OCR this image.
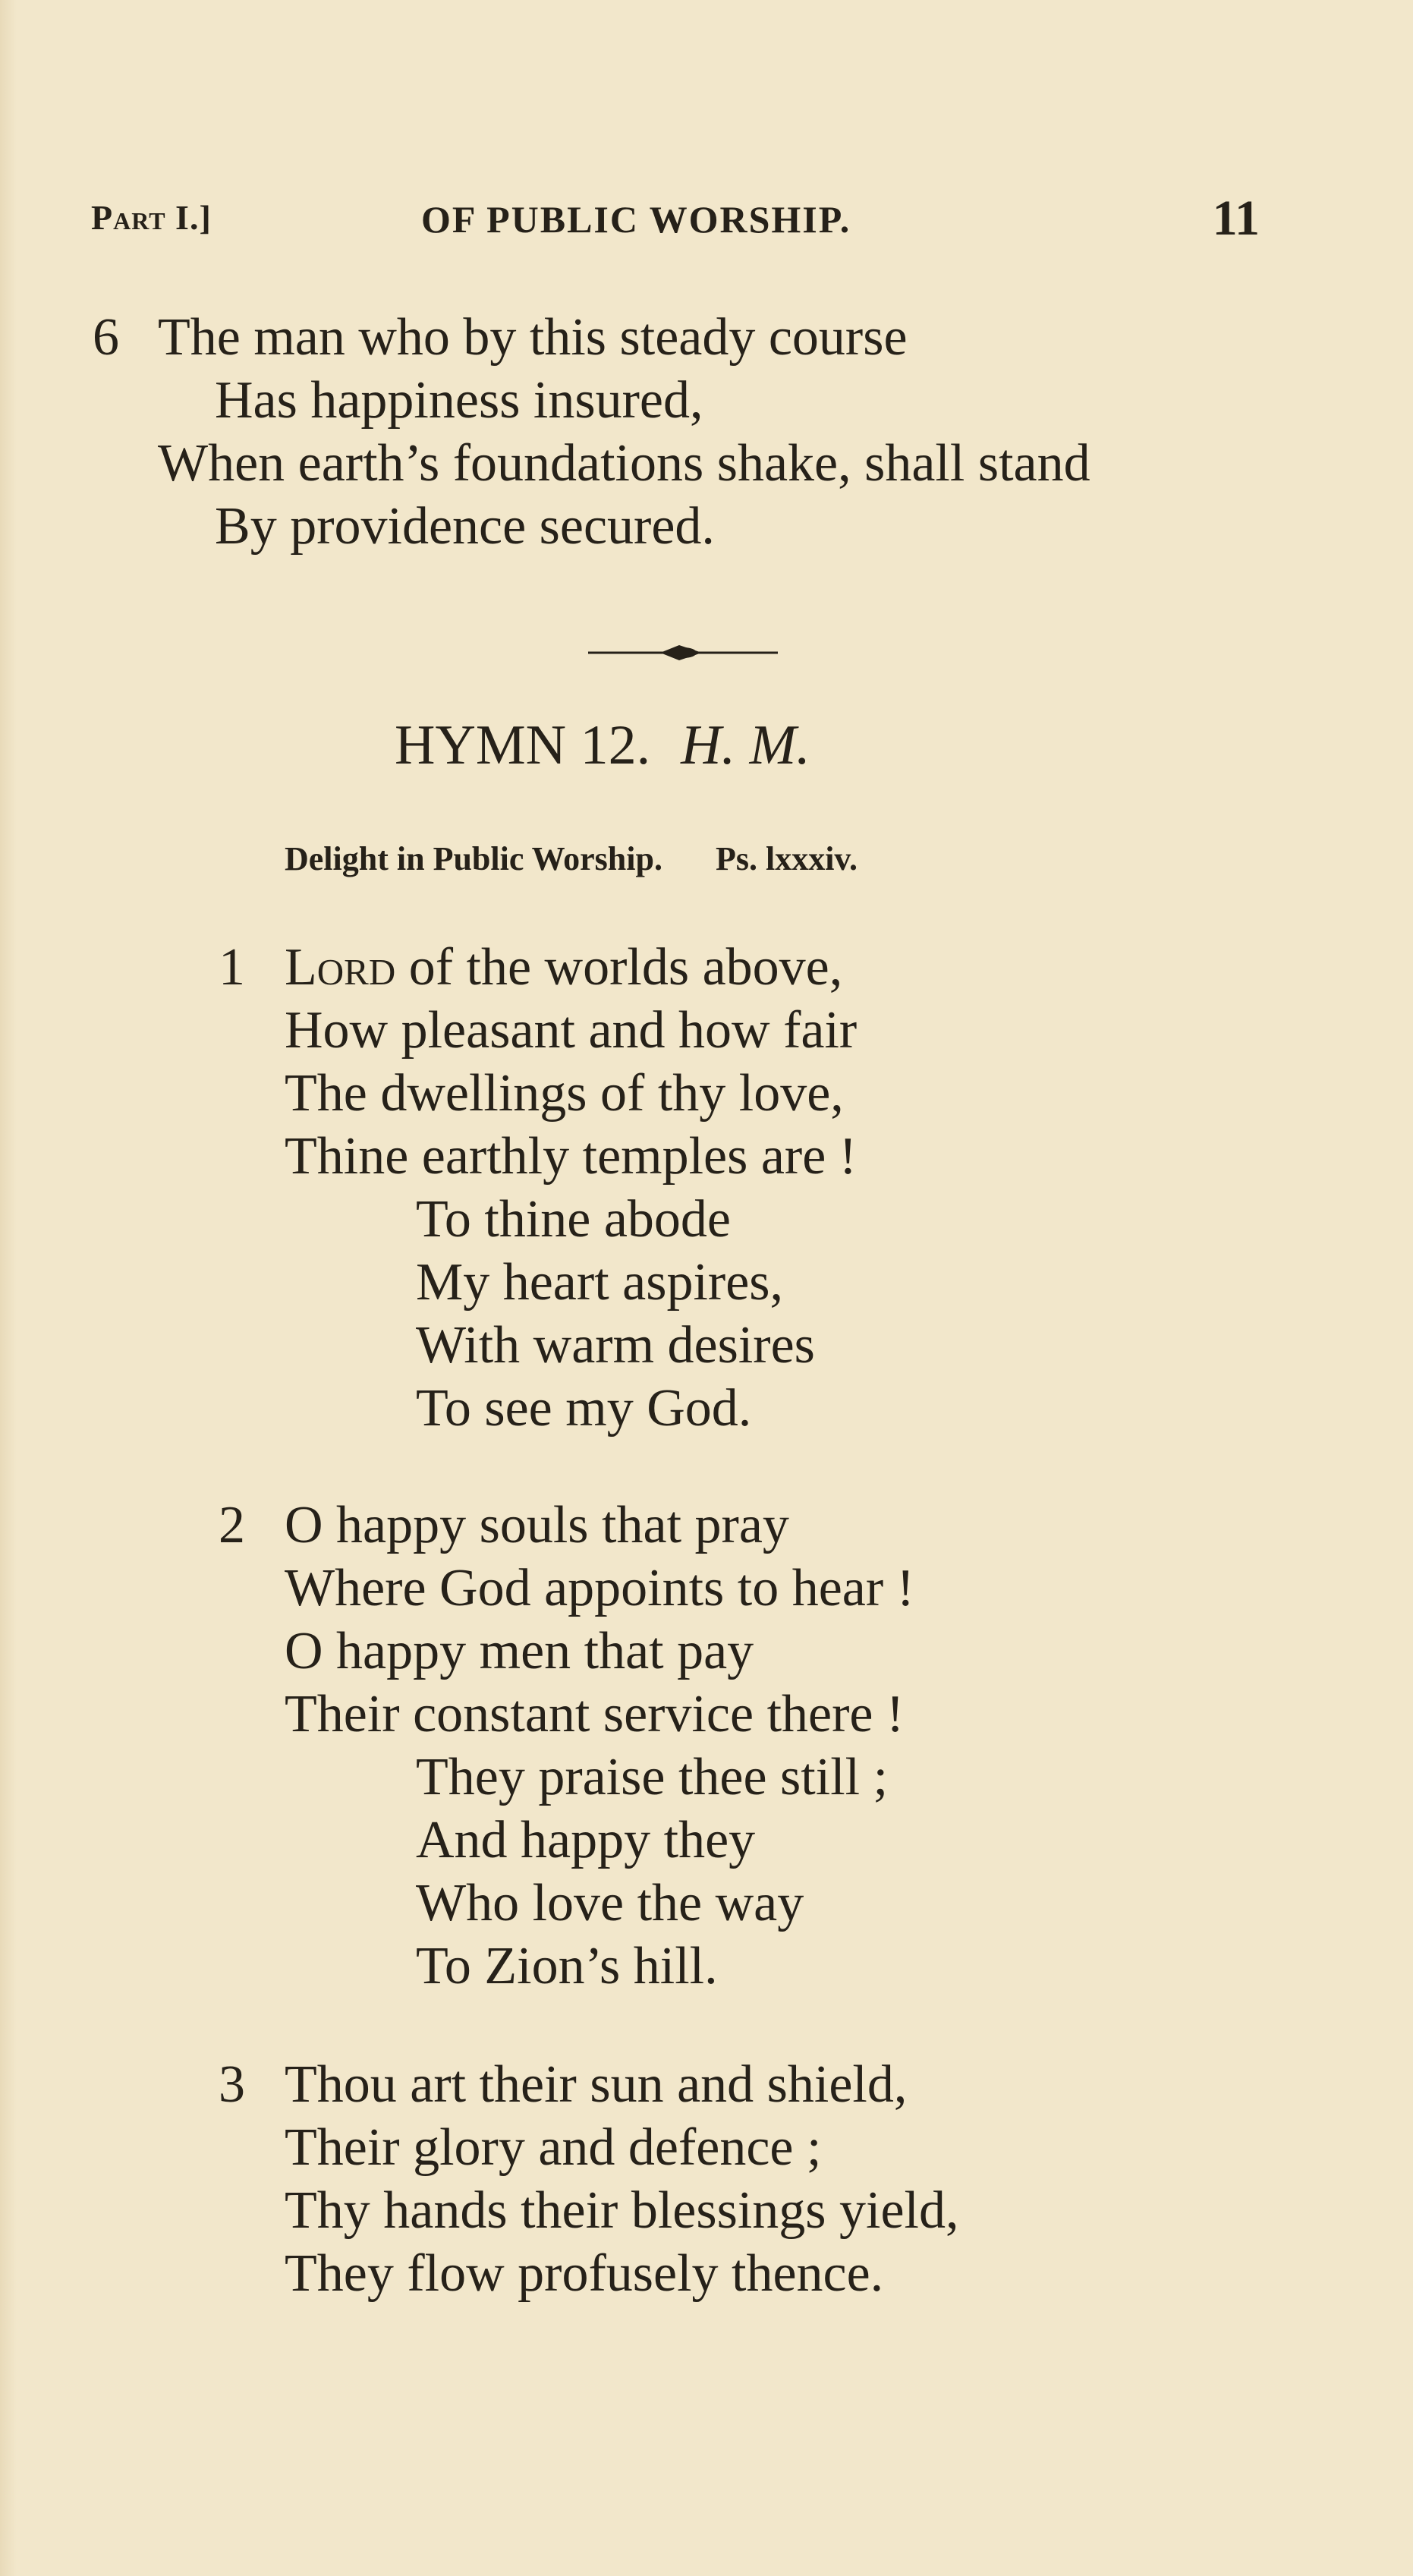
Part I.]	OF PUBLIC WORSHIP.	11
6 The man who by this steady course
Has happiness insured,
When earth’s foundations shake, shall stand
By providence secured.
HYMN 12. H. M.
Delight in Public Worship. Ps. lxxxiv.
1 Lord of the worlds above,
How pleasant and how fair
The dwellings of thy love,
Thine earthly temples are !
To thine abode
My heart aspires,
With warm desires
To see my God.
2 O happy souls that pray
Where God appoints to hear !
O happy men that pay
Their constant service there !
They praise thee still ;
And happy they
Who love the way
To Zion’s hill.
3 Thou art their sun and shield,
Their glory and defence ;
Thy hands their blessings yield,
They flow profusely thence.
